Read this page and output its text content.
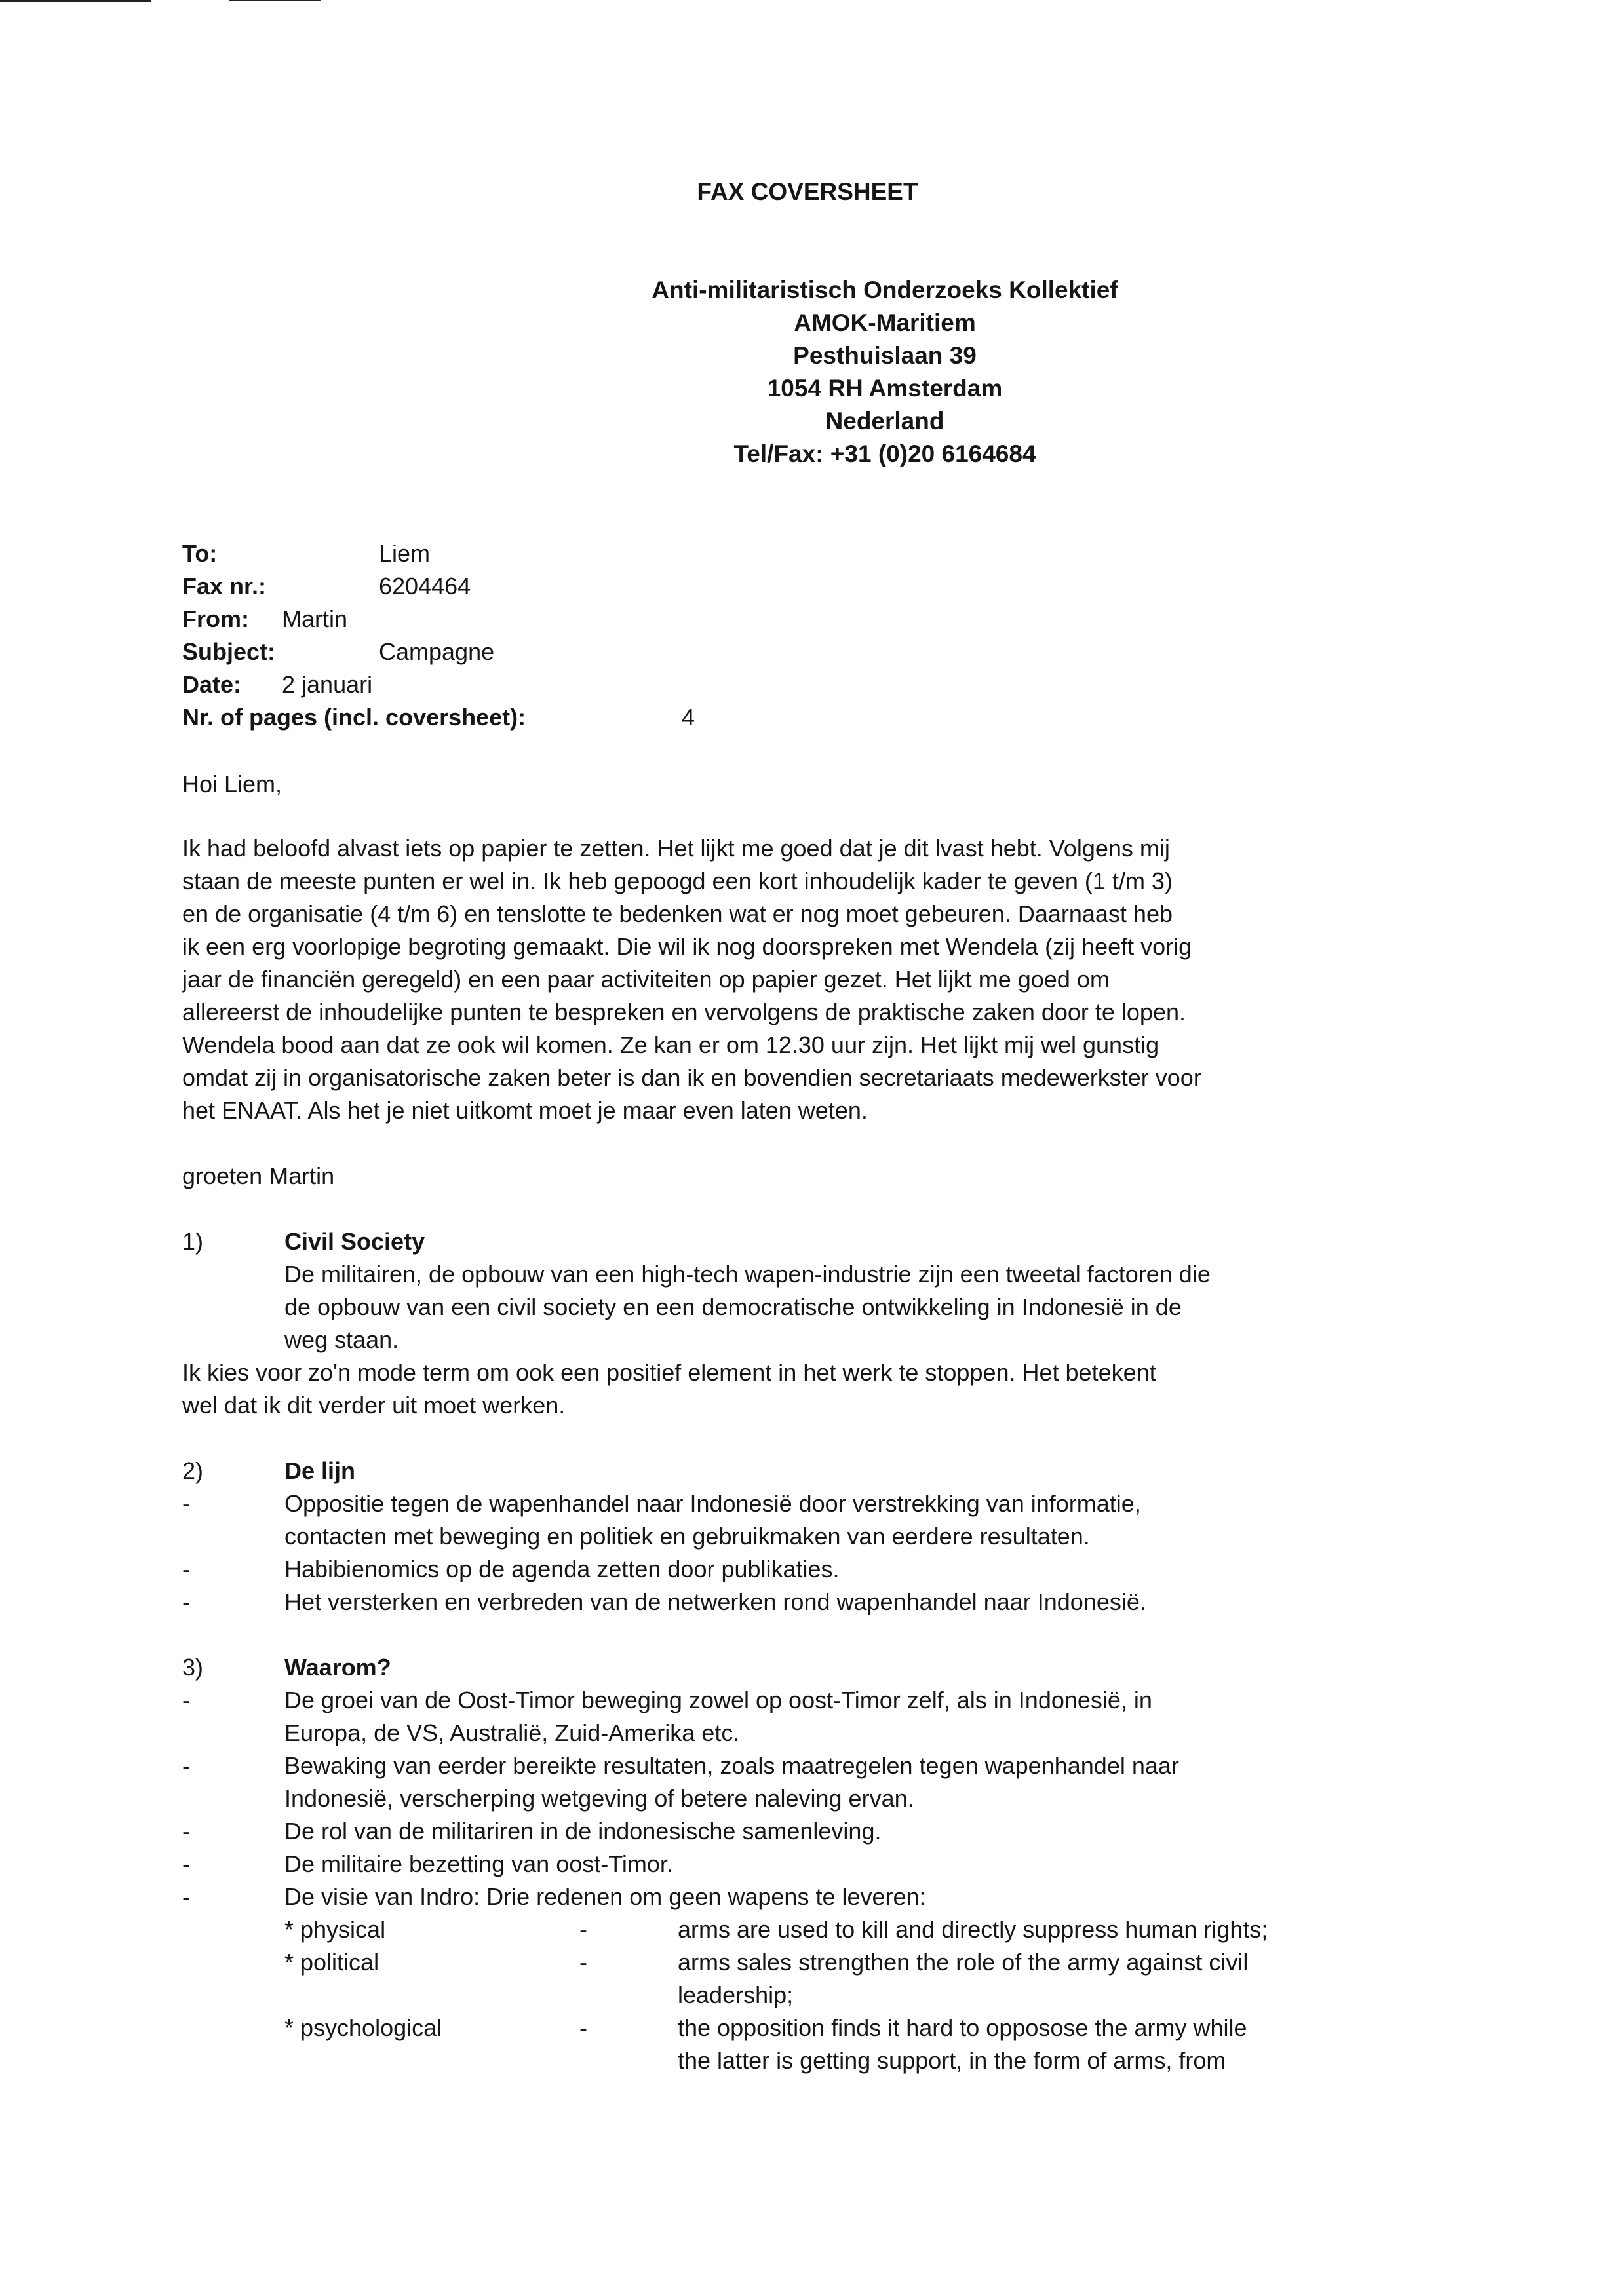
FAX COVERSHEET
Anti-militaristisch Onderzoeks Kollektief
AMOK-Maritiem
Pesthuislaan 39
1054 RH Amsterdam
Nederland
Tel/Fax: +31 (0)20 6164684
To:	Liem
Fax nr.:	6204464
From: Martin
Subject:	Campagne
Date: 2 januari
Nr. of pages (incl. coversheet):	4

Hoi Liem,

Ik had beloofd alvast iets op papier te zetten. Het lijkt me goed dat je dit lvast hebt. Volgens mij

staan de meeste punten er wel in. Ik heb gepoogd een kort inhoudelijk kader te geven (1 t/m 3)

en de organisatie (4 t/m 6) en tenslotte te bedenken wat er nog moet gebeuren. Daarnaast heb

ik een erg voorlopige begroting gemaakt. Die wil ik nog doorspreken met Wendela (zij heeft vorig

jaar de financiën geregeld) en een paar activiteiten op papier gezet. Het lijkt me goed om

allereerst de inhoudelijke punten te bespreken en vervolgens de praktische zaken door te lopen.

Wendela bood aan dat ze ook wil komen. Ze kan er om 12.30 uur zijn. Het lijkt mij wel gunstig

omdat zij in organisatorische zaken beter is dan ik en bovendien secretariaats medewerkster voor

het ENAAT. Als het je niet uitkomt moet je maar even laten weten.

groeten Martin

1)	Civil Society
De militairen, de opbouw van een high-tech wapen-industrie zijn een tweetal factoren die
de opbouw van een civil society en een democratische ontwikkeling in Indonesië in de
weg staan.
Ik kies voor zo'n mode term om ook een positief element in het werk te stoppen. Het betekent
wel dat ik dit verder uit moet werken.
2)	De lijn
-	Oppositie tegen de wapenhandel naar Indonesië door verstrekking van informatie,
contacten met beweging en politiek en gebruikmaken van eerdere resultaten.
-	Habibienomics op de agenda zetten door publikaties.
-	Het versterken en verbreden van de netwerken rond wapenhandel naar Indonesië.
3)	Waarom?
-	De groei van de Oost-Timor beweging zowel op oost-Timor zelf, als in Indonesië, in
Europa, de VS, Australië, Zuid-Amerika etc.
-	Bewaking van eerder bereikte resultaten, zoals maatregelen tegen wapenhandel naar
Indonesië, verscherping wetgeving of betere naleving ervan.
-	De rol van de militariren in de indonesische samenleving.
-	De militaire bezetting van oost-Timor.
-	De visie van Indro: Drie redenen om geen wapens te leveren:
* physical	-	arms are used to kill and directly suppress human rights;
* political	-	arms sales strengthen the role of the army against civil
leadership;
* psychological	-	the opposition finds it hard to opposose the army while
the latter is getting support, in the form of arms, from
